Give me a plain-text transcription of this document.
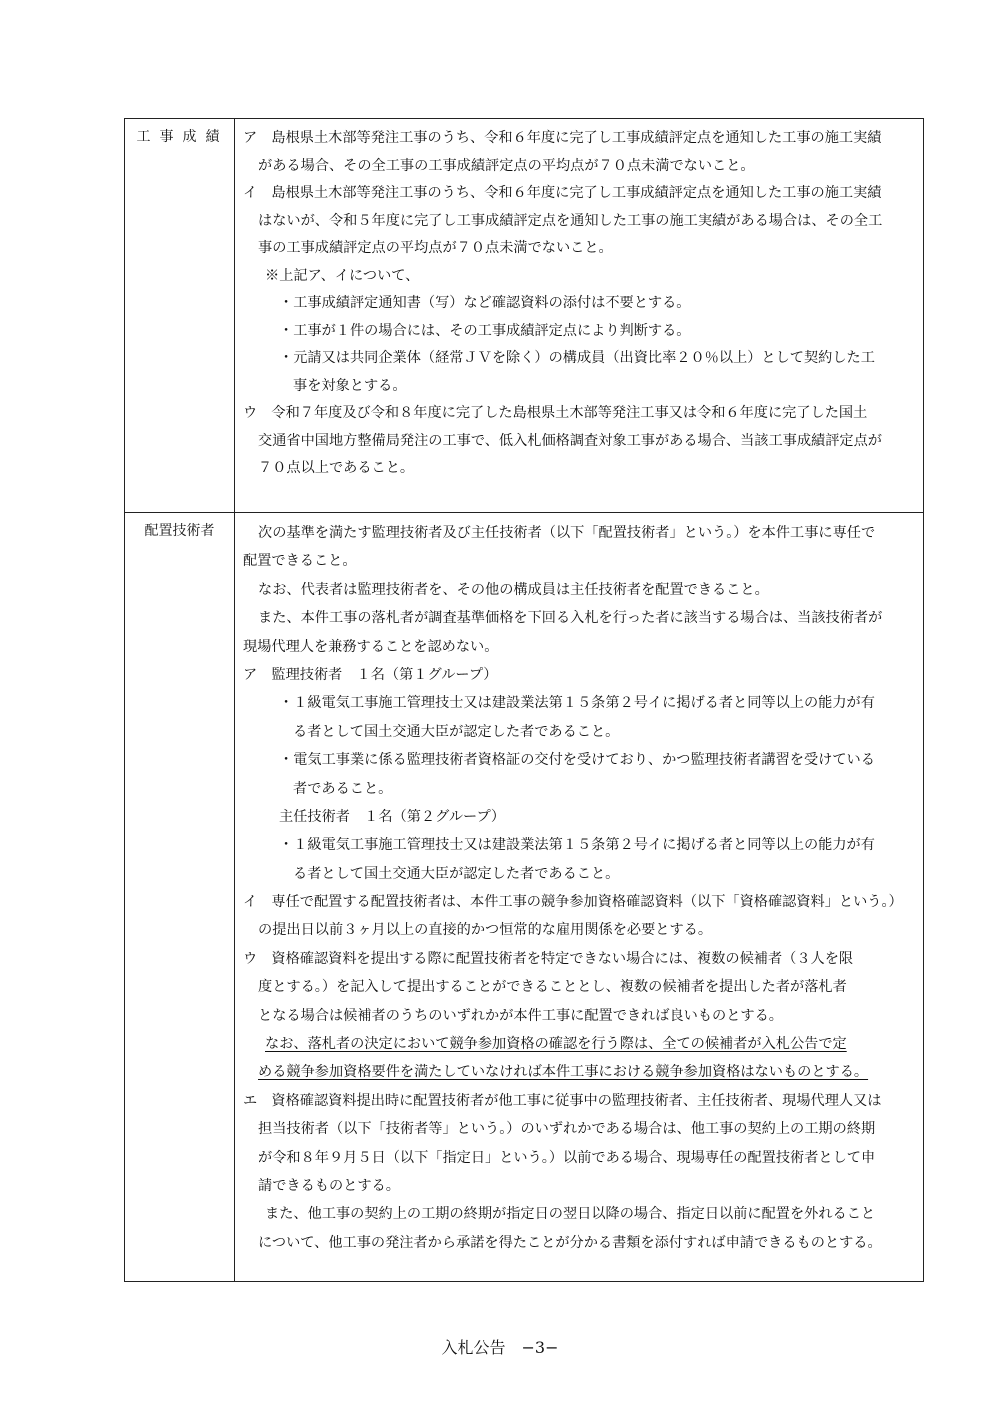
工事成績	ア　島根県土木部等発注工事のうち、令和６年度に完了し工事成績評定点を通知した工事の施工実績
がある場合、その全工事の工事成績評定点の平均点が７０点未満でないこと。
イ　島根県土木部等発注工事のうち、令和６年度に完了し工事成績評定点を通知した工事の施工実績
はないが、令和５年度に完了し工事成績評定点を通知した工事の施工実績がある場合は、その全工
事の工事成績評定点の平均点が７０点未満でないこと。
※上記ア、イについて、
・工事成績評定通知書（写）など確認資料の添付は不要とする。
・工事が１件の場合には、その工事成績評定点により判断する。
・元請又は共同企業体（経常ＪＶを除く）の構成員（出資比率２０％以上）として契約した工
事を対象とする。
ウ　令和７年度及び令和８年度に完了した島根県土木部等発注工事又は令和６年度に完了した国土
交通省中国地方整備局発注の工事で、低入札価格調査対象工事がある場合、当該工事成績評定点が
７０点以上であること。
配置技術者	次の基準を満たす監理技術者及び主任技術者（以下「配置技術者」という。）を本件工事に専任で
配置できること。
なお、代表者は監理技術者を、その他の構成員は主任技術者を配置できること。
また、本件工事の落札者が調査基準価格を下回る入札を行った者に該当する場合は、当該技術者が
現場代理人を兼務することを認めない。
ア　監理技術者　１名（第１グループ）
・１級電気工事施工管理技士又は建設業法第１５条第２号イに掲げる者と同等以上の能力が有
る者として国土交通大臣が認定した者であること。
・電気工事業に係る監理技術者資格証の交付を受けており、かつ監理技術者講習を受けている
者であること。
主任技術者　１名（第２グループ）
・１級電気工事施工管理技士又は建設業法第１５条第２号イに掲げる者と同等以上の能力が有
る者として国土交通大臣が認定した者であること。
イ　専任で配置する配置技術者は、本件工事の競争参加資格確認資料（以下「資格確認資料」という。）
の提出日以前３ヶ月以上の直接的かつ恒常的な雇用関係を必要とする。
ウ　資格確認資料を提出する際に配置技術者を特定できない場合には、複数の候補者（３人を限
度とする。）を記入して提出することができることとし、複数の候補者を提出した者が落札者
となる場合は候補者のうちのいずれかが本件工事に配置できれば良いものとする。
なお、落札者の決定において競争参加資格の確認を行う際は、全ての候補者が入札公告で定
める競争参加資格要件を満たしていなければ本件工事における競争参加資格はないものとする。
エ　資格確認資料提出時に配置技術者が他工事に従事中の監理技術者、主任技術者、現場代理人又は
担当技術者（以下「技術者等」という。）のいずれかである場合は、他工事の契約上の工期の終期
が令和８年９月５日（以下「指定日」という。）以前である場合、現場専任の配置技術者として申
請できるものとする。
また、他工事の契約上の工期の終期が指定日の翌日以降の場合、指定日以前に配置を外れること
について、他工事の発注者から承諾を得たことが分かる書類を添付すれば申請できるものとする。
入札公告　−3−
